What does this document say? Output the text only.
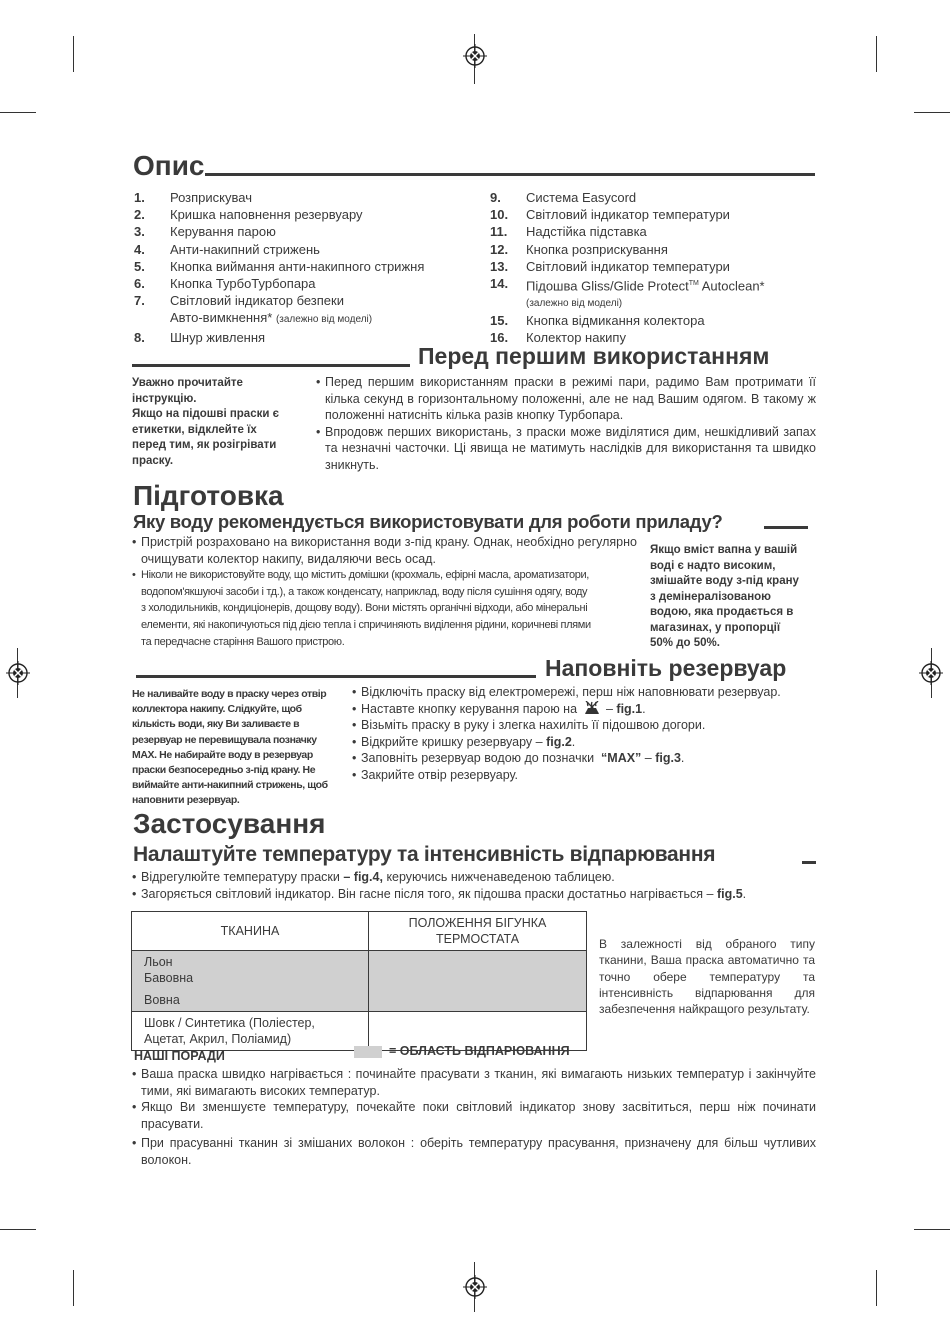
Опис
1.	Розприскувач
2.	Кришка наповнення резервуару
3.	Керування парою
4.	Анти-накипний стрижень
5.	Кнопка виймання анти-накипного стрижня
6.	Кнопка ТурбоТурбопара
7.	Світловий індикатор безпеки
Авто-вимкнення* (залежно від моделі)
8.	Шнур живлення
9.	Система Easycord
10.	Світловий індикатор температури
11.	Надстійка підставка
12.	Кнопка розприскування
13.	Світловий індикатор температури
14.	Підошва Gliss/Glide Protect™ Autoclean*
(залежно від моделі)
15.	Кнопка відмикання колектора
16.	Колектор накипу
Перед першим використанням
Уважно прочитайте
інструкцію.
Якщо на підошві праски є
етикетки, відклейте їх
перед тим, як розігрівати
праску.
• Перед першим використанням праски в режимі пари, радимо Вам протримати її кілька секунд в горизонтальному положенні, але не над Вашим одягом. В такому ж положенні натисніть кілька разів кнопку Турбопара.
• Впродовж перших використань, з праски може виділятися дим, нешкідливий запах та незначні часточки. Ці явища не матимуть наслідків для використання та швидко зникнуть.
Підготовка
Яку воду рекомендується використовувати для роботи приладу?
• Пристрій розраховано на використання води з-під крану. Однак, необхідно регулярно очищувати колектор накипу, видаляючи весь осад.
• Ніколи не використовуйте воду, що містить домішки (крохмаль, ефірні масла, ароматизатори,
водопом'якшуючі засоби і тд.), а також конденсату, наприклад, воду після сушіння одягу, воду
з холодильників, кондиціонерів, дощову воду). Вони містять органічні відходи, або мінеральні
елементи, які накопичуються під дією тепла і спричиняють виділення рідини, коричневі плями
та передчасне старіння Вашого пристрою.
Якщо вміст вапна у вашій
воді є надто високим,
змішайте воду з-під крану
з демінералізованою
водою, яка продається в
магазинах, у пропорції
50% до 50%.
Наповніть резервуар
Не наливайте воду в праску через отвір
коллектора накипу. Слідкуйте, щоб
кількість води, яку Ви заливаєте в
резервуар не перевищувала позначку
MAX. Не набирайте воду в резервуар
праски безпосередньо з-під крану. Не
виймайте анти-накипний стрижень, щоб
наповнити резервуар.
• Відключіть праску від електромережі, перш ніж наповнювати резервуар.
• Наставте кнопку керування парою на  – fig.1.
• Візьміть праску в руку і злегка нахиліть її підошвою догори.
• Відкрийте кришку резервуару – fig.2.
• Заповніть резервуар водою до позначки “MAX” – fig.3.
• Закрийте отвір резервуару.
Застосування
Налаштуйте температуру та інтенсивність відпарювання
• Відрегулюйте температуру праски – fig.4, керуючись нижченаведеною таблицею.
• Загоряється світловий індикатор. Він гасне після того, як підошва праски достатньо нагрівається – fig.5.
ТКАНИНА	ПОЛОЖЕННЯ БІГУНКА
ТЕРМОСТАТА

Льон
Бавовна
Вовна	

Шовк / Синтетика (Поліестер,
Ацетат, Акрил, Поліамид)	

= ОБЛАСТЬ ВІДПАРЮВАННЯ
В залежності від обраного типу тканини, Ваша праска автоматично та точно обере температуру та інтенсивність відпарювання для забезпечення найкращого результату.
НАШІ ПОРАДИ
• Ваша праска швидко нагрівається : починайте прасувати з тканин, які вимагають низьких температур і закінчуйте тими, які вимагають високих температур.
• Якщо Ви зменшуєте температуру, почекайте поки світловий індикатор знову засвітиться, перш ніж починати прасувати.
• При прасуванні тканин зі змішаних волокон : оберіть температуру прасування, призначену для більш чутливих волокон.
